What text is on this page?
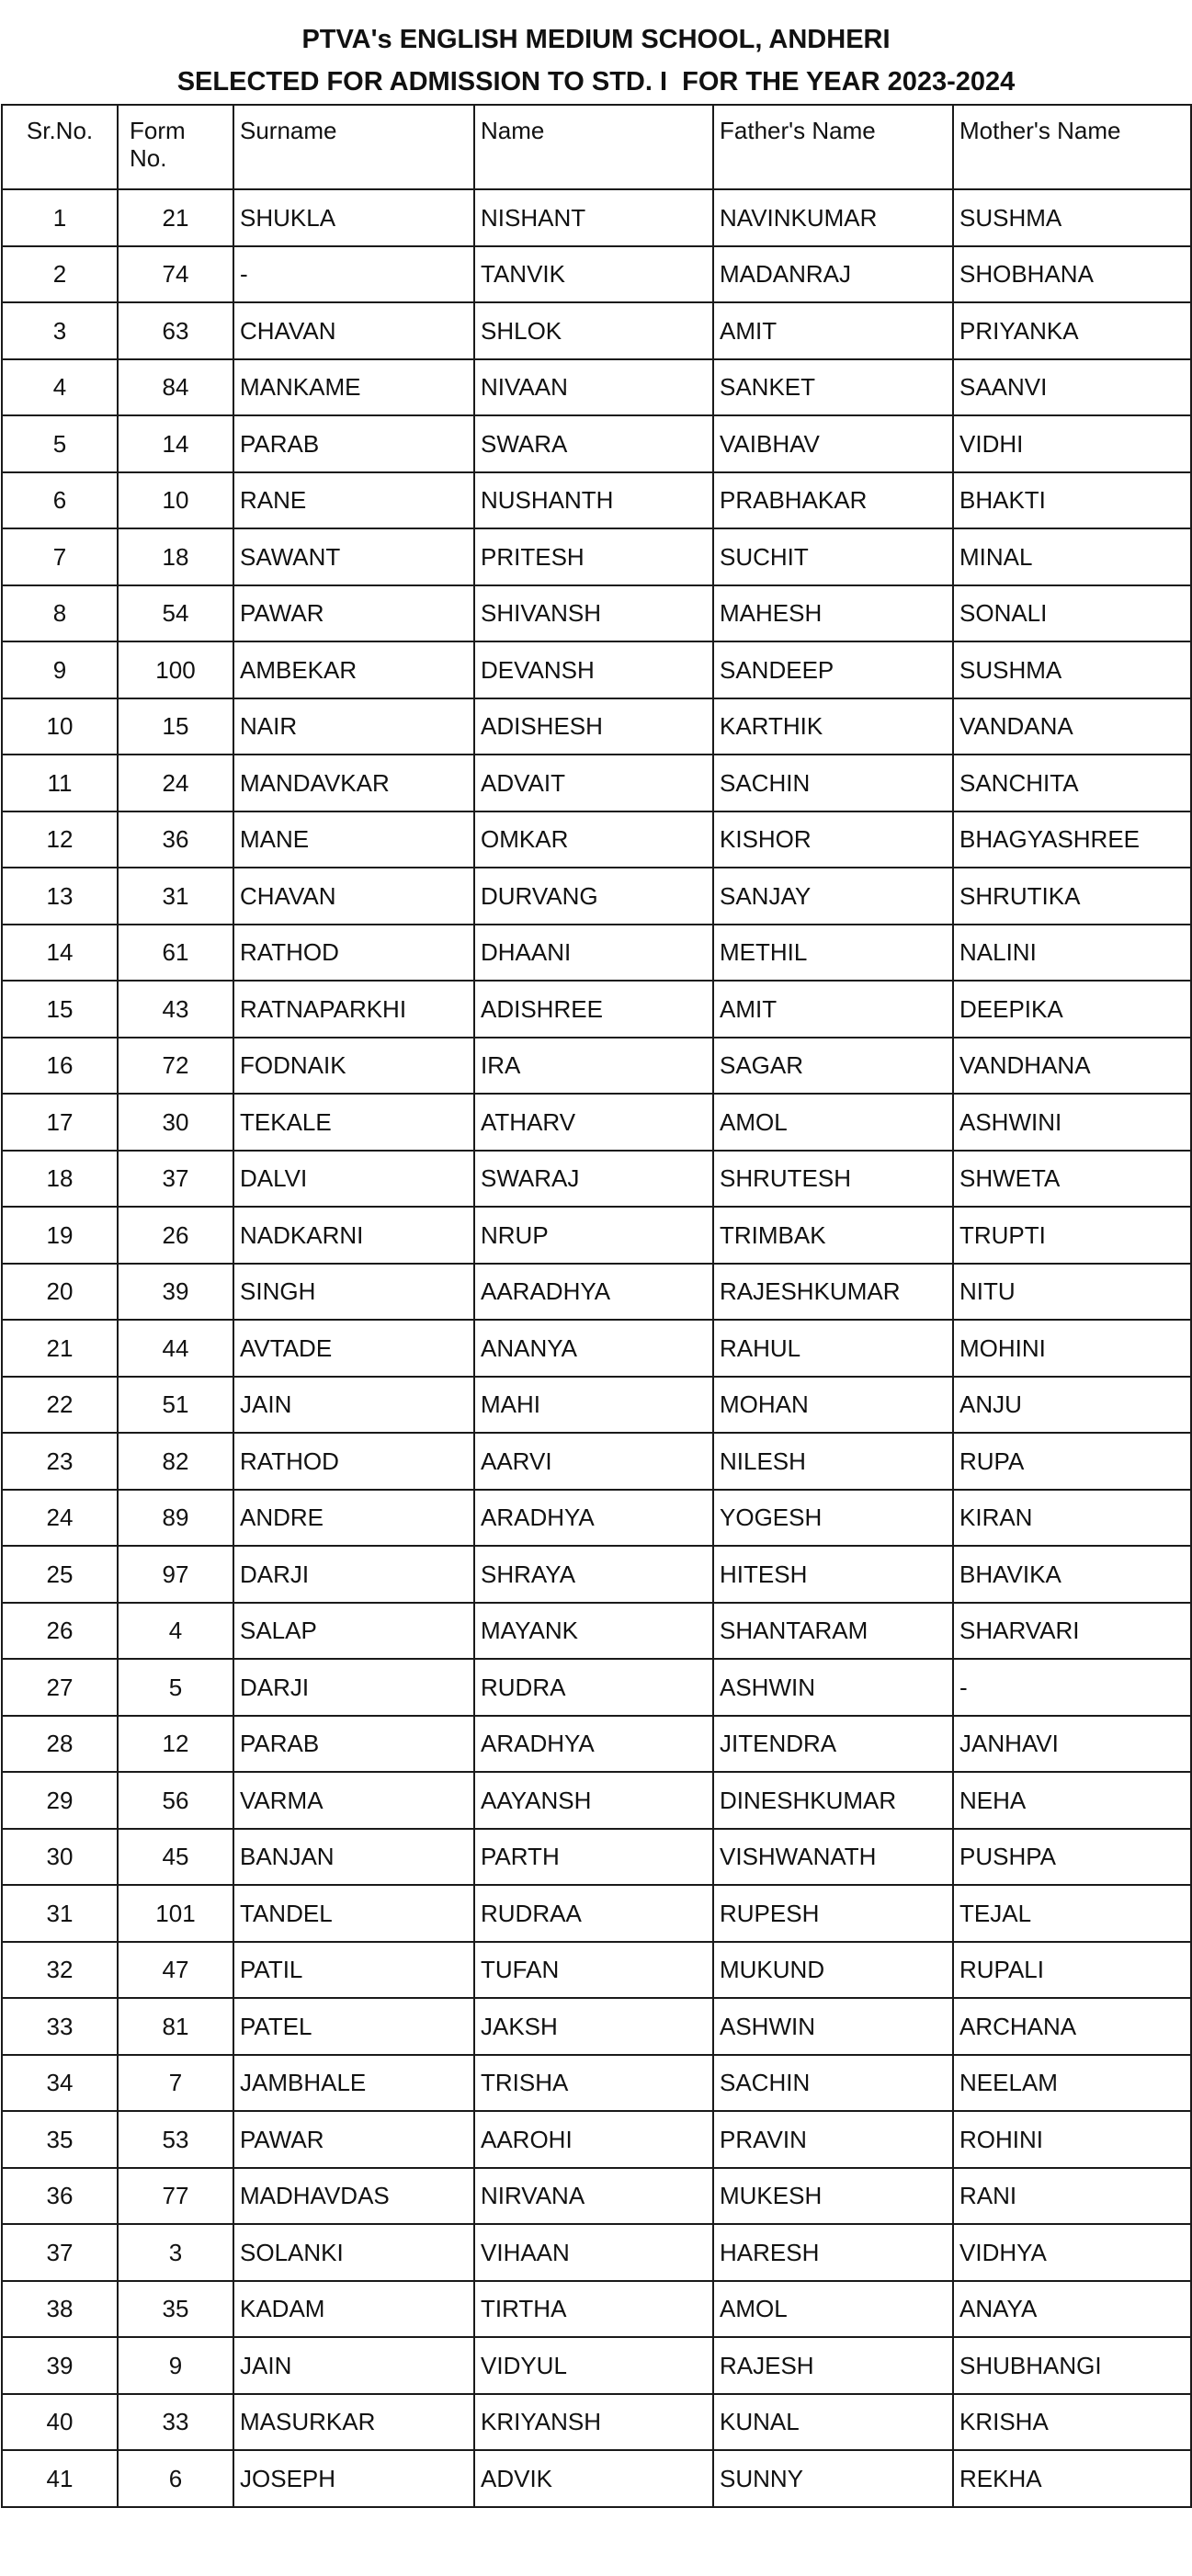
PTVA's ENGLISH MEDIUM SCHOOL, ANDHERI
SELECTED FOR ADMISSION TO STD. I  FOR THE YEAR 2023-2024
Sr.No.	Form No.	Surname	Name	Father's Name	Mother's Name
1	21	SHUKLA	NISHANT	NAVINKUMAR	SUSHMA
2	74	-	TANVIK	MADANRAJ	SHOBHANA
3	63	CHAVAN	SHLOK	AMIT	PRIYANKA
4	84	MANKAME	NIVAAN	SANKET	SAANVI
5	14	PARAB	SWARA	VAIBHAV	VIDHI
6	10	RANE	NUSHANTH	PRABHAKAR	BHAKTI
7	18	SAWANT	PRITESH	SUCHIT	MINAL
8	54	PAWAR	SHIVANSH	MAHESH	SONALI
9	100	AMBEKAR	DEVANSH	SANDEEP	SUSHMA
10	15	NAIR	ADISHESH	KARTHIK	VANDANA
11	24	MANDAVKAR	ADVAIT	SACHIN	SANCHITA
12	36	MANE	OMKAR	KISHOR	BHAGYASHREE
13	31	CHAVAN	DURVANG	SANJAY	SHRUTIKA
14	61	RATHOD	DHAANI	METHIL	NALINI
15	43	RATNAPARKHI	ADISHREE	AMIT	DEEPIKA
16	72	FODNAIK	IRA	SAGAR	VANDHANA
17	30	TEKALE	ATHARV	AMOL	ASHWINI
18	37	DALVI	SWARAJ	SHRUTESH	SHWETA
19	26	NADKARNI	NRUP	TRIMBAK	TRUPTI
20	39	SINGH	AARADHYA	RAJESHKUMAR	NITU
21	44	AVTADE	ANANYA	RAHUL	MOHINI
22	51	JAIN	MAHI	MOHAN	ANJU
23	82	RATHOD	AARVI	NILESH	RUPA
24	89	ANDRE	ARADHYA	YOGESH	KIRAN
25	97	DARJI	SHRAYA	HITESH	BHAVIKA
26	4	SALAP	MAYANK	SHANTARAM	SHARVARI
27	5	DARJI	RUDRA	ASHWIN	-
28	12	PARAB	ARADHYA	JITENDRA	JANHAVI
29	56	VARMA	AAYANSH	DINESHKUMAR	NEHA
30	45	BANJAN	PARTH	VISHWANATH	PUSHPA
31	101	TANDEL	RUDRAA	RUPESH	TEJAL
32	47	PATIL	TUFAN	MUKUND	RUPALI
33	81	PATEL	JAKSH	ASHWIN	ARCHANA
34	7	JAMBHALE	TRISHA	SACHIN	NEELAM
35	53	PAWAR	AAROHI	PRAVIN	ROHINI
36	77	MADHAVDAS	NIRVANA	MUKESH	RANI
37	3	SOLANKI	VIHAAN	HARESH	VIDHYA
38	35	KADAM	TIRTHA	AMOL	ANAYA
39	9	JAIN	VIDYUL	RAJESH	SHUBHANGI
40	33	MASURKAR	KRIYANSH	KUNAL	KRISHA
41	6	JOSEPH	ADVIK	SUNNY	REKHA
